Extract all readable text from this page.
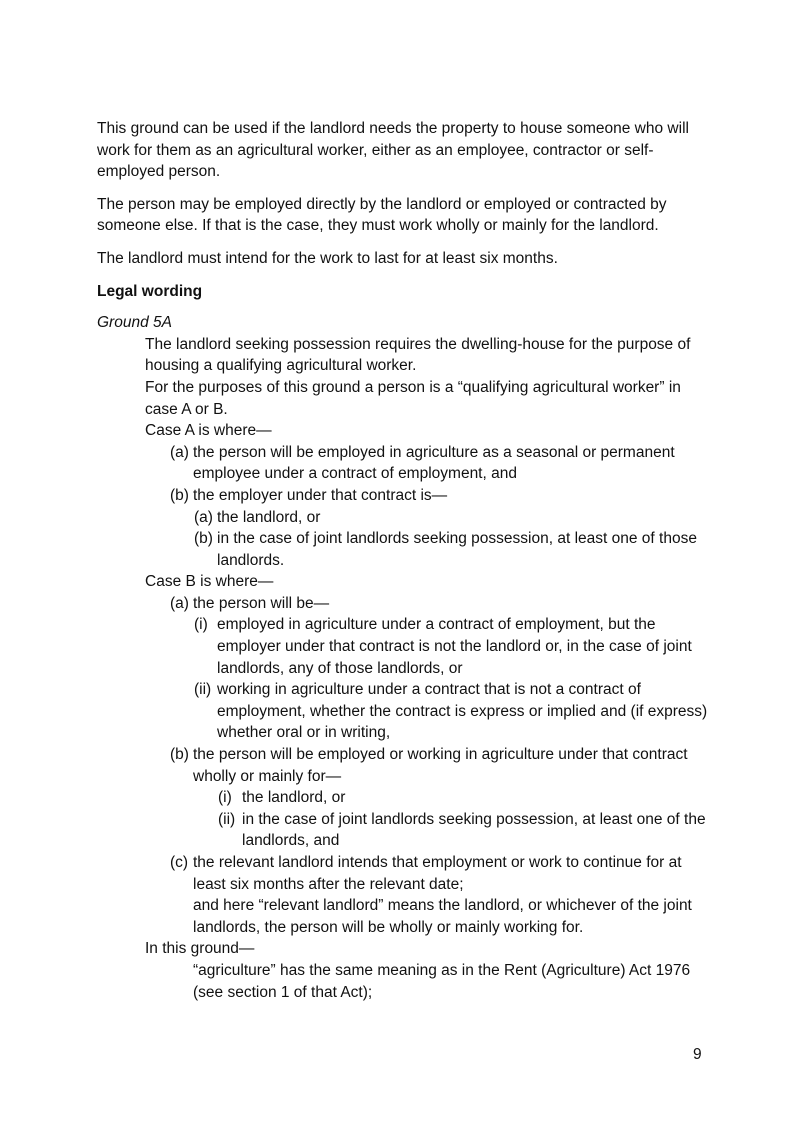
This ground can be used if the landlord needs the property to house someone who will work for them as an agricultural worker, either as an employee, contractor or self-employed person.

The person may be employed directly by the landlord or employed or contracted by someone else. If that is the case, they must work wholly or mainly for the landlord.

The landlord must intend for the work to last for at least six months.

Legal wording

Ground 5A

The landlord seeking possession requires the dwelling-house for the purpose of housing a qualifying agricultural worker.

For the purposes of this ground a person is a “qualifying agricultural worker” in case A or B.

Case A is where—

(a) the person will be employed in agriculture as a seasonal or permanent employee under a contract of employment, and
(b) the employer under that contract is—
(a) the landlord, or
(b) in the case of joint landlords seeking possession, at least one of those landlords.

Case B is where—

(a) the person will be—
(i) employed in agriculture under a contract of employment, but the employer under that contract is not the landlord or, in the case of joint landlords, any of those landlords, or
(ii) working in agriculture under a contract that is not a contract of employment, whether the contract is express or implied and (if express) whether oral or in writing,
(b) the person will be employed or working in agriculture under that contract wholly or mainly for—
(i) the landlord, or
(ii) in the case of joint landlords seeking possession, at least one of the landlords, and
(c) the relevant landlord intends that employment or work to continue for at least six months after the relevant date;

and here “relevant landlord” means the landlord, or whichever of the joint landlords, the person will be wholly or mainly working for.

In this ground—

“agriculture” has the same meaning as in the Rent (Agriculture) Act 1976 (see section 1 of that Act);

9
